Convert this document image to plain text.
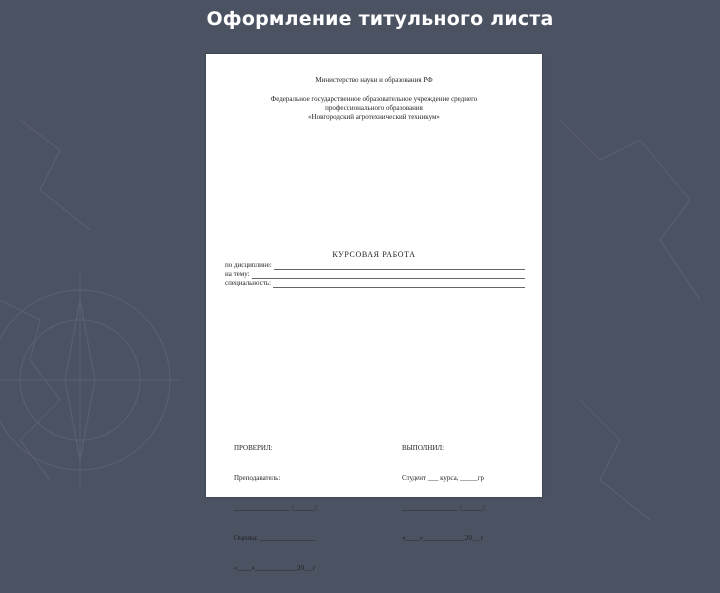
Оформление титульного листа
Министерство науки и образования РФ
Федеральное государственное образовательное учреждение среднего
профессионального образования
«Новгородский агротехнический техникум»
КУРСОВАЯ РАБОТА
по дисциплине:
на тему:
специальность:

ПРОВЕРИЛ:

Преподаватель:

________________ /______/

Оценка: ________________

«____»____________20__ г

ВЫПОЛНИЛ:

Студент ___ курса, _____гр

________________ /______/

«____»____________20__ г
